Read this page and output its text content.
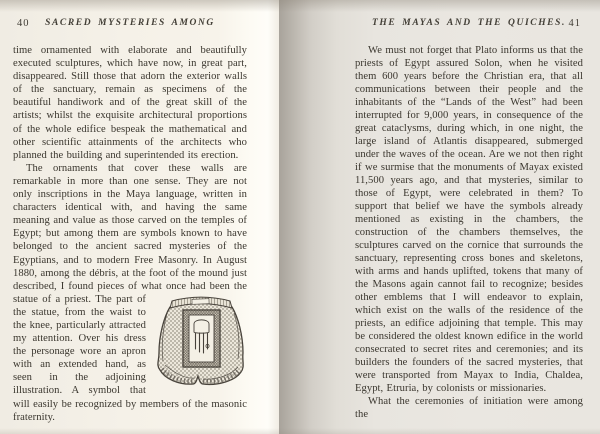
40	SACRED MYSTERIES AMONG

time ornamented with elaborate and beautifully executed sculptures, which have now, in great part, disappeared. Still those that adorn the exterior walls of the sanctuary, remain as specimens of the beautiful handiwork and of the great skill of the artists; whilst the exquisite architectural proportions of the whole edifice bespeak the mathematical and other scientific attainments of the architects who planned the building and superintended its erection.

The ornaments that cover these walls are remarkable in more than one sense. They are not only inscriptions in the Maya language, written in characters identical with, and having the same meaning and value as those carved on the temples of Egypt; but among them are symbols known to have belonged to the ancient sacred mysteries of the Egyptians, and to modern Free Masonry. In August 1880, among the débris, at the foot of the mound just described, I found pieces of what once had been the statue of a priest. The part of the statue, from the waist to the knee, particularly attracted my attention. Over his dress the personage wore an apron with an extended hand, as seen in the adjoining illustration. A symbol that will easily be recognized by members of the masonic fraternity.

THE MAYAS AND THE QUICHES. 41

We must not forget that Plato informs us that the priests of Egypt assured Solon, when he visited them 600 years before the Christian era, that all communications between their people and the inhabitants of the “Lands of the West” had been interrupted for 9,000 years, in consequence of the great cataclysms, during which, in one night, the large island of Atlantis disappeared, submerged under the waves of the ocean. Are we not then right if we surmise that the monuments of Mayax existed 11,500 years ago, and that mysteries, similar to those of Egypt, were celebrated in them? To support that belief we have the symbols already mentioned as existing in the chambers, the construction of the chambers themselves, the sculptures carved on the cornice that surrounds the sanctuary, representing cross bones and skeletons, with arms and hands uplifted, tokens that many of the Masons again cannot fail to recognize; besides other emblems that I will endeavor to explain, which exist on the walls of the residence of the priests, an edifice adjoining that temple. This may be considered the oldest known edifice in the world consecrated to secret rites and ceremonies; and its builders the founders of the sacred mysteries, that were transported from Mayax to India, Chaldea, Egypt, Etruria, by colonists or missionaries.

What the ceremonies of initiation were among the
